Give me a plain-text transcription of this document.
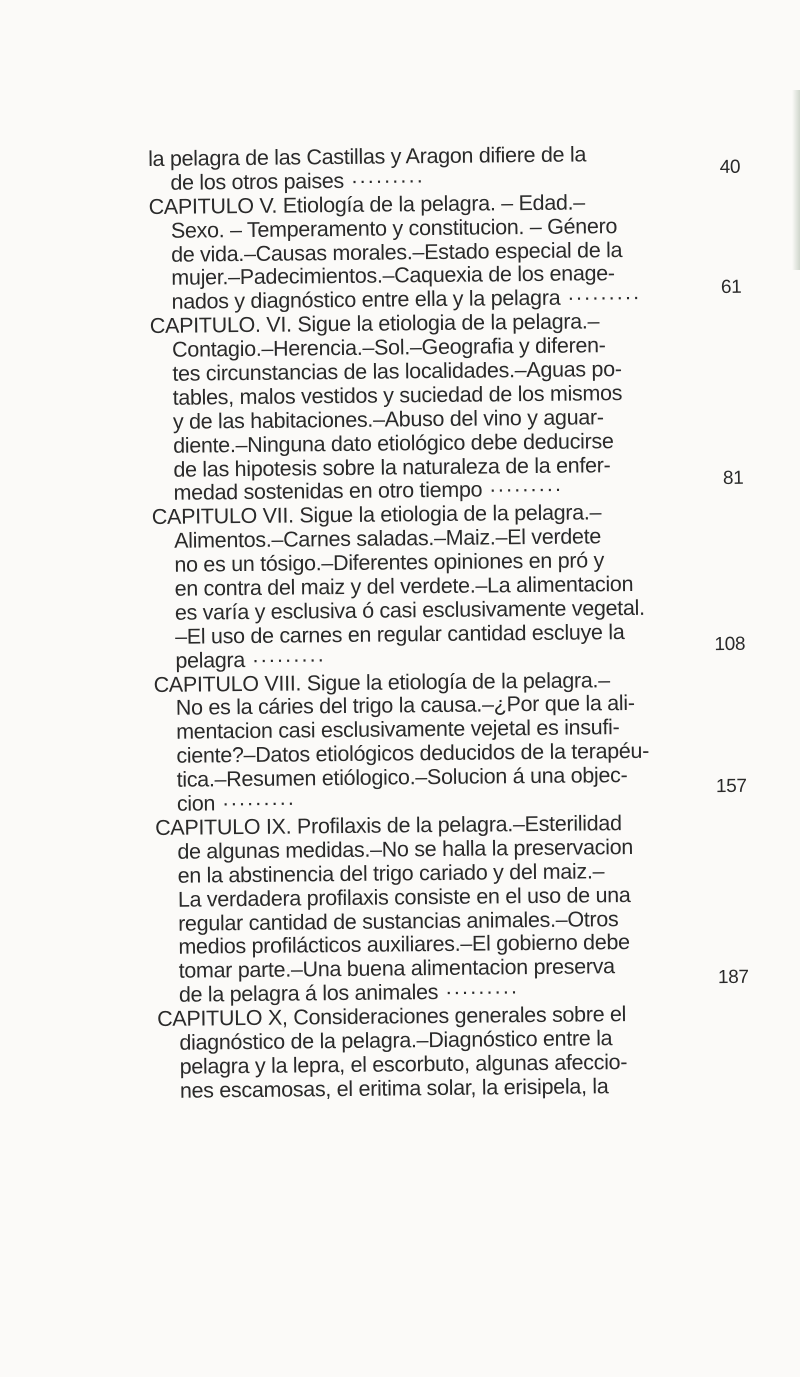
la pelagra de las Castillas y Aragon difiere de la
de los otros paises ·····
CAPITULO V. Etiología de la pelagra. – Edad.–
Sexo. – Temperamento y constitucion. – Género
de vida.–Causas morales.–Estado especial de la
mujer.–Padecimientos.–Caquexia de los enage-
nados y diagnóstico entre ella y la pelagra ·····
CAPITULO. VI. Sigue la etiologia de la pelagra.–
Contagio.–Herencia.–Sol.–Geografia y diferen-
tes circunstancias de las localidades.–Aguas po-
tables, malos vestidos y suciedad de los mismos
y de las habitaciones.–Abuso del vino y aguar-
diente.–Ninguna dato etiológico debe deducirse
de las hipotesis sobre la naturaleza de la enfer-
medad sostenidas en otro tiempo ·····
CAPITULO VII. Sigue la etiologia de la pelagra.–
Alimentos.–Carnes saladas.–Maiz.–El verdete
no es un tósigo.–Diferentes opiniones en pró y
en contra del maiz y del verdete.–La alimentacion
es varía y esclusiva ó casi esclusivamente vegetal.
–El uso de carnes en regular cantidad escluye la
pelagra ·····
CAPITULO VIII. Sigue la etiología de la pelagra.–
No es la cáries del trigo la causa.–¿Por que la ali-
mentacion casi esclusivamente vejetal es insufi-
ciente?–Datos etiológicos deducidos de la terapéu-
tica.–Resumen etiólogico.–Solucion á una objec-
cion ·····
CAPITULO IX. Profilaxis de la pelagra.–Esterilidad
de algunas medidas.–No se halla la preservacion
en la abstinencia del trigo cariado y del maiz.–
La verdadera profilaxis consiste en el uso de una
regular cantidad de sustancias animales.–Otros
medios profilácticos auxiliares.–El gobierno debe
tomar parte.–Una buena alimentacion preserva
de la pelagra á los animales ·····
CAPITULO X, Consideraciones generales sobre el
diagnóstico de la pelagra.–Diagnóstico entre la
pelagra y la lepra, el escorbuto, algunas afeccio-
nes escamosas, el eritima solar, la erisipela, la
40
61
81
108
157
187
